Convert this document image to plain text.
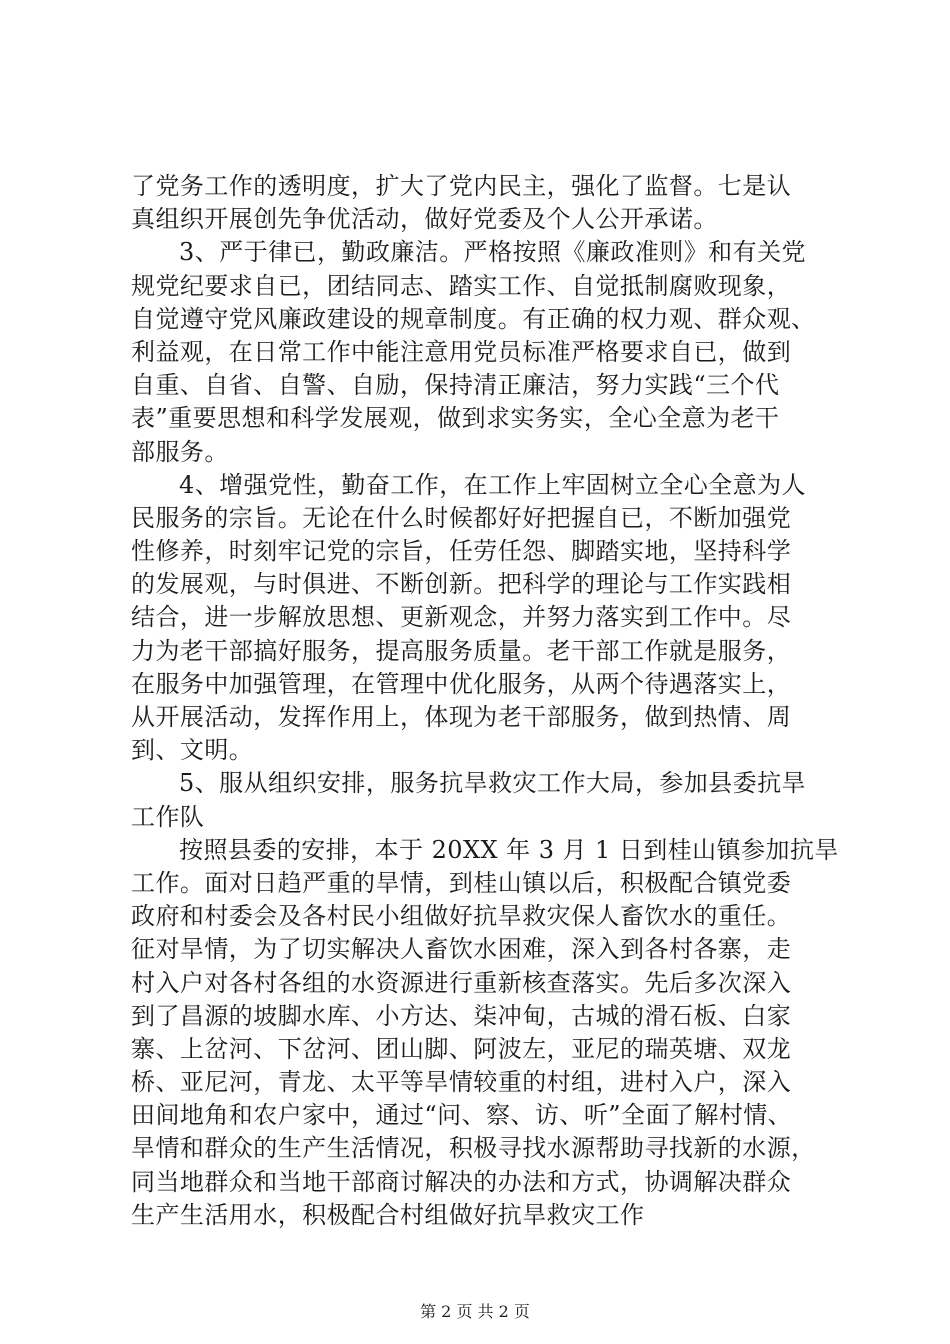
了党务工作的透明度，扩大了党内民主，强化了监督。七是认
真组织开展创先争优活动，做好党委及个人公开承诺。
3、严于律已，勤政廉洁。严格按照《廉政准则》和有关党
规党纪要求自已，团结同志、踏实工作、自觉抵制腐败现象，
自觉遵守党风廉政建设的规章制度。有正确的权力观、群众观、
利益观，在日常工作中能注意用党员标准严格要求自已，做到
自重、自省、自警、自励，保持清正廉洁，努力实践“三个代
表”重要思想和科学发展观，做到求实务实，全心全意为老干
部服务。
4、增强党性，勤奋工作，在工作上牢固树立全心全意为人
民服务的宗旨。无论在什么时候都好好把握自已，不断加强党
性修养，时刻牢记党的宗旨，任劳任怨、脚踏实地，坚持科学
的发展观，与时俱进、不断创新。把科学的理论与工作实践相
结合，进一步解放思想、更新观念，并努力落实到工作中。尽
力为老干部搞好服务，提高服务质量。老干部工作就是服务，
在服务中加强管理，在管理中优化服务，从两个待遇落实上，
从开展活动，发挥作用上，体现为老干部服务，做到热情、周
到、文明。
5、服从组织安排，服务抗旱救灾工作大局，参加县委抗旱
工作队
按照县委的安排，本于 20XX 年 3 月 1 日到桂山镇参加抗旱
工作。面对日趋严重的旱情，到桂山镇以后，积极配合镇党委
政府和村委会及各村民小组做好抗旱救灾保人畜饮水的重任。
征对旱情，为了切实解决人畜饮水困难，深入到各村各寨，走
村入户对各村各组的水资源进行重新核查落实。先后多次深入
到了昌源的坡脚水库、小方达、柒冲甸，古城的滑石板、白家
寨、上岔河、下岔河、团山脚、阿波左，亚尼的瑞英塘、双龙
桥、亚尼河，青龙、太平等旱情较重的村组，进村入户，深入
田间地角和农户家中，通过“问、察、访、听”全面了解村情、
旱情和群众的生产生活情况，积极寻找水源帮助寻找新的水源，
同当地群众和当地干部商讨解决的办法和方式，协调解决群众
生产生活用水，积极配合村组做好抗旱救灾工作
第 2 页 共 2 页
